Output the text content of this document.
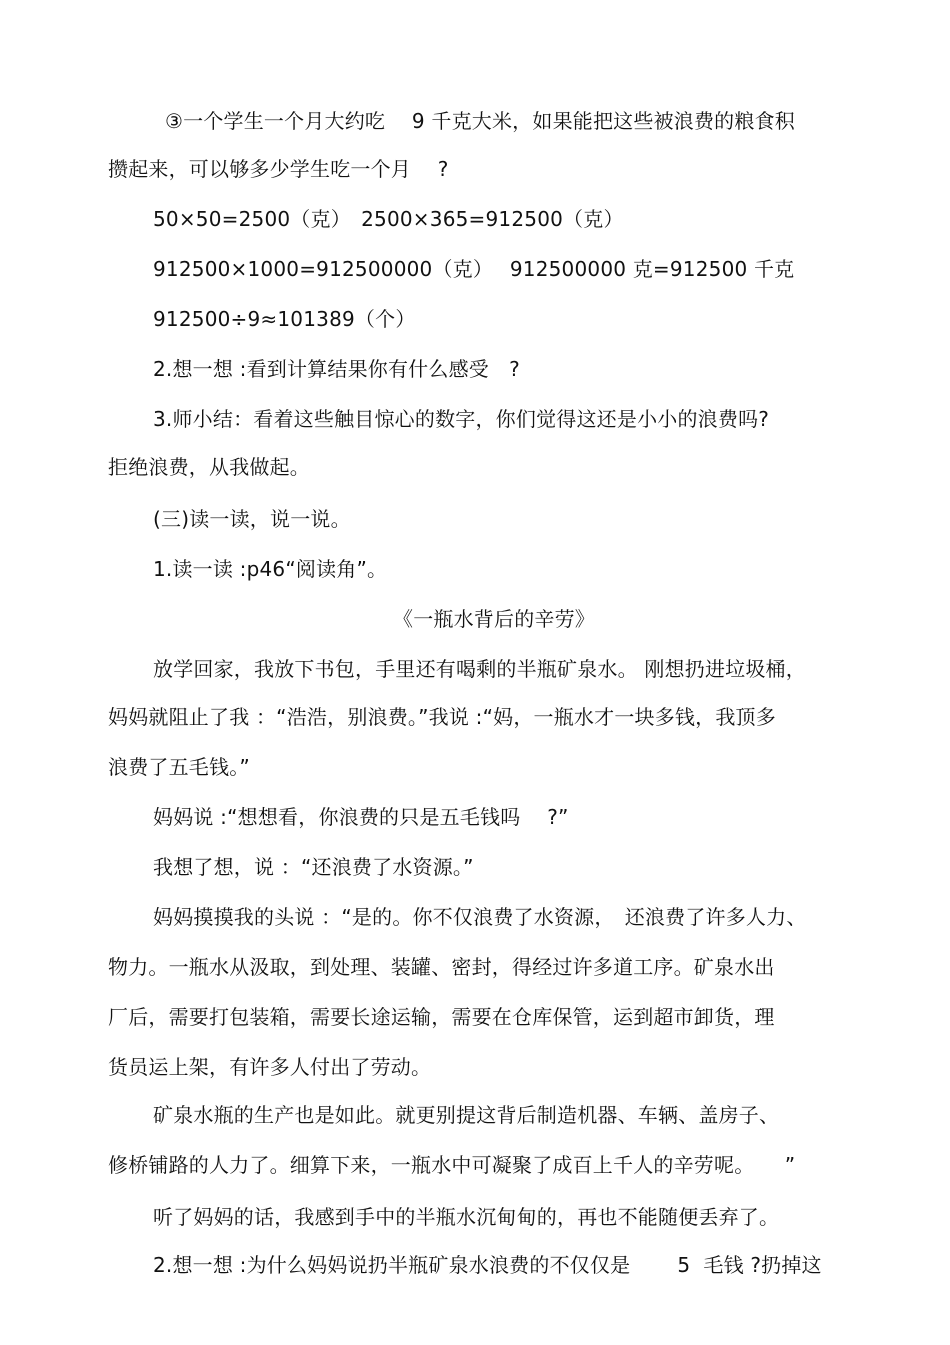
③一个学生一个月大约吃　 9 千克大米，如果能把这些被浪费的粮食积
攒起来，可以够多少学生吃一个月　 ?
50×50=2500（克）　2500×365=912500（克）
912500×1000=912500000（克）　 912500000 克=912500 千克
912500÷9≈101389（个）
2.想一想 :看到计算结果你有什么感受　?
3.师小结：看着这些触目惊心的数字，你们觉得这还是小小的浪费吗?
拒绝浪费，从我做起。
(三)读一读，说一说。
1.读一读 :p46“阅读角”。
《一瓶水背后的辛劳》
放学回家，我放下书包，手里还有喝剩的半瓶矿泉水。 刚想扔进垃圾桶，
妈妈就阻止了我 ：“浩浩，别浪费。”我说 :“妈，一瓶水才一块多钱，我顶多
浪费了五毛钱。”
妈妈说 :“想想看，你浪费的只是五毛钱吗　 ?”
我想了想，说 ：“还浪费了水资源。”
妈妈摸摸我的头说 ：“是的。你不仅浪费了水资源，　还浪费了许多人力、
物力。一瓶水从汲取，到处理、装罐、密封，得经过许多道工序。矿泉水出
厂后，需要打包装箱，需要长途运输，需要在仓库保管，运到超市卸货，理
货员运上架，有许多人付出了劳动。
矿泉水瓶的生产也是如此。就更别提这背后制造机器、车辆、盖房子、
修桥铺路的人力了。细算下来，一瓶水中可凝聚了成百上千人的辛劳呢。　　”
听了妈妈的话，我感到手中的半瓶水沉甸甸的，再也不能随便丢弃了。
2.想一想 :为什么妈妈说扔半瓶矿泉水浪费的不仅仅是　　 5  毛钱 ?扔掉这
